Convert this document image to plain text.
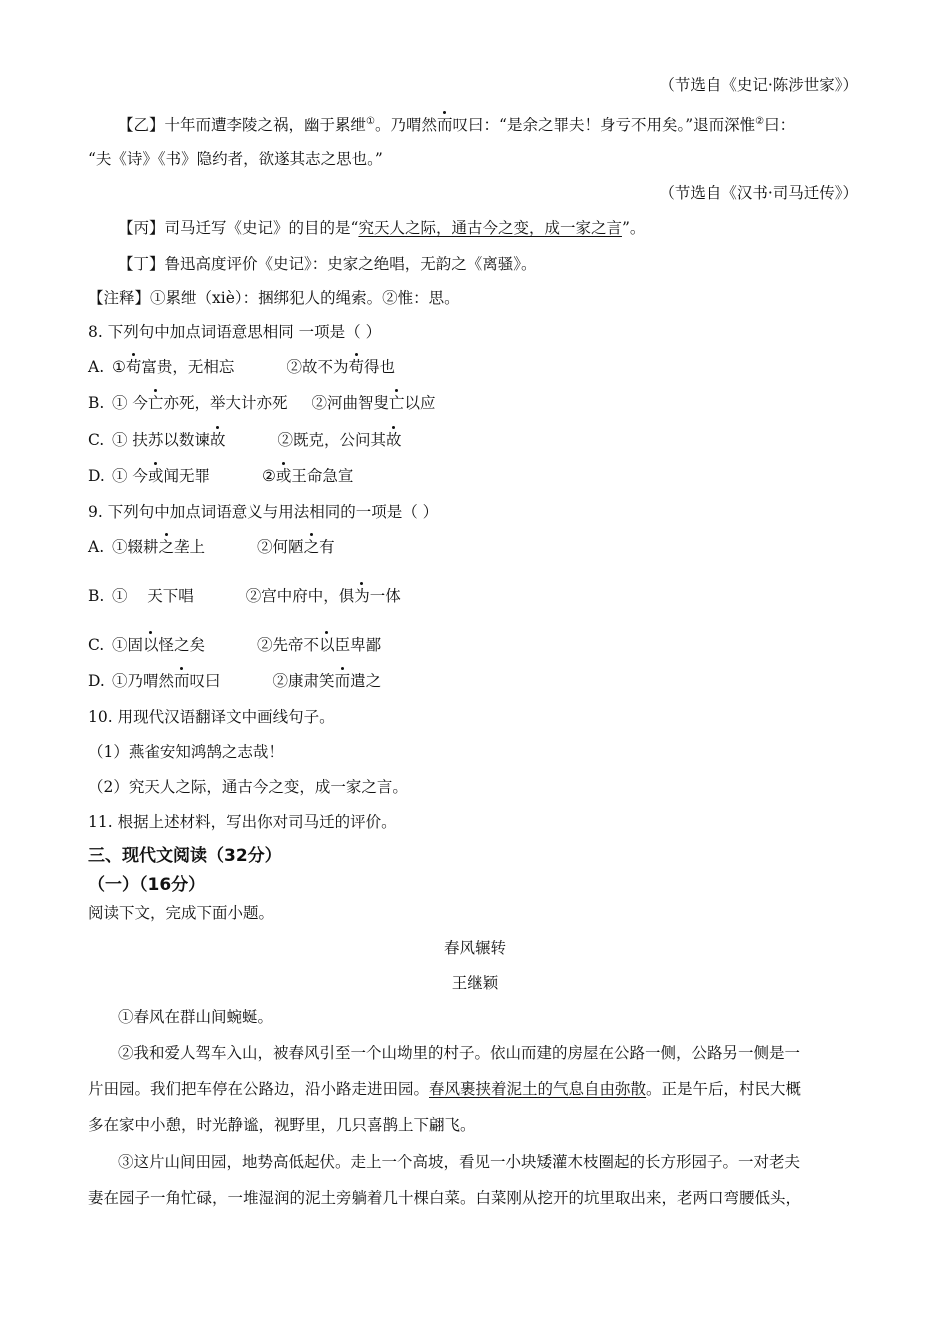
（节选自《史记·陈涉世家》）
【乙】十年而遭李陵之祸，幽于累绁①。乃喟然而叹曰：“是余之罪夫！身亏不用矣。”退而深惟②曰：
“夫《诗》《书》隐约者，欲遂其志之思也。”
（节选自《汉书·司马迁传》）
【丙】司马迁写《史记》的目的是“究天人之际，通古今之变，成一家之言”。
【丁】鲁迅高度评价《史记》：史家之绝唱，无韵之《离骚》。
【注释】①累绁（xiè）：捆绑犯人的绳索。②惟：思。
8. 下列句中加点词语意思相同 一项是（ ）
A. ①苟富贵，无相忘	②故不为苟得也
B. ① 今亡亦死，举大计亦死 ②河曲智叟亡以应
C. ① 扶苏以数谏故	②既克，公问其故
D. ① 今或闻无罪	②或王命急宣
9. 下列句中加点词语意义与用法相同的一项是（ ）
A. ①辍耕之垄上	②何陋之有
B. ①    天下唱	②宫中府中，俱为一体
C. ①固以怪之矣	②先帝不以臣卑鄙
D. ①乃喟然而叹曰	②康肃笑而遣之
10. 用现代汉语翻译文中画线句子。
（1）燕雀安知鸿鹄之志哉！
（2）究天人之际，通古今之变，成一家之言。
11. 根据上述材料，写出你对司马迁的评价。
三、现代文阅读（32分）
（一）（16分）
阅读下文，完成下面小题。
春风辗转
王继颖
①春风在群山间蜿蜒。
②我和爱人驾车入山，被春风引至一个山坳里的村子。依山而建的房屋在公路一侧，公路另一侧是一
片田园。我们把车停在公路边，沿小路走进田园。春风裹挟着泥土的气息自由弥散。正是午后，村民大概
多在家中小憩，时光静谧，视野里，几只喜鹊上下翩飞。
③这片山间田园，地势高低起伏。走上一个高坡，看见一小块矮灌木枝圈起的长方形园子。一对老夫
妻在园子一角忙碌，一堆湿润的泥土旁躺着几十棵白菜。白菜刚从挖开的坑里取出来，老两口弯腰低头，
